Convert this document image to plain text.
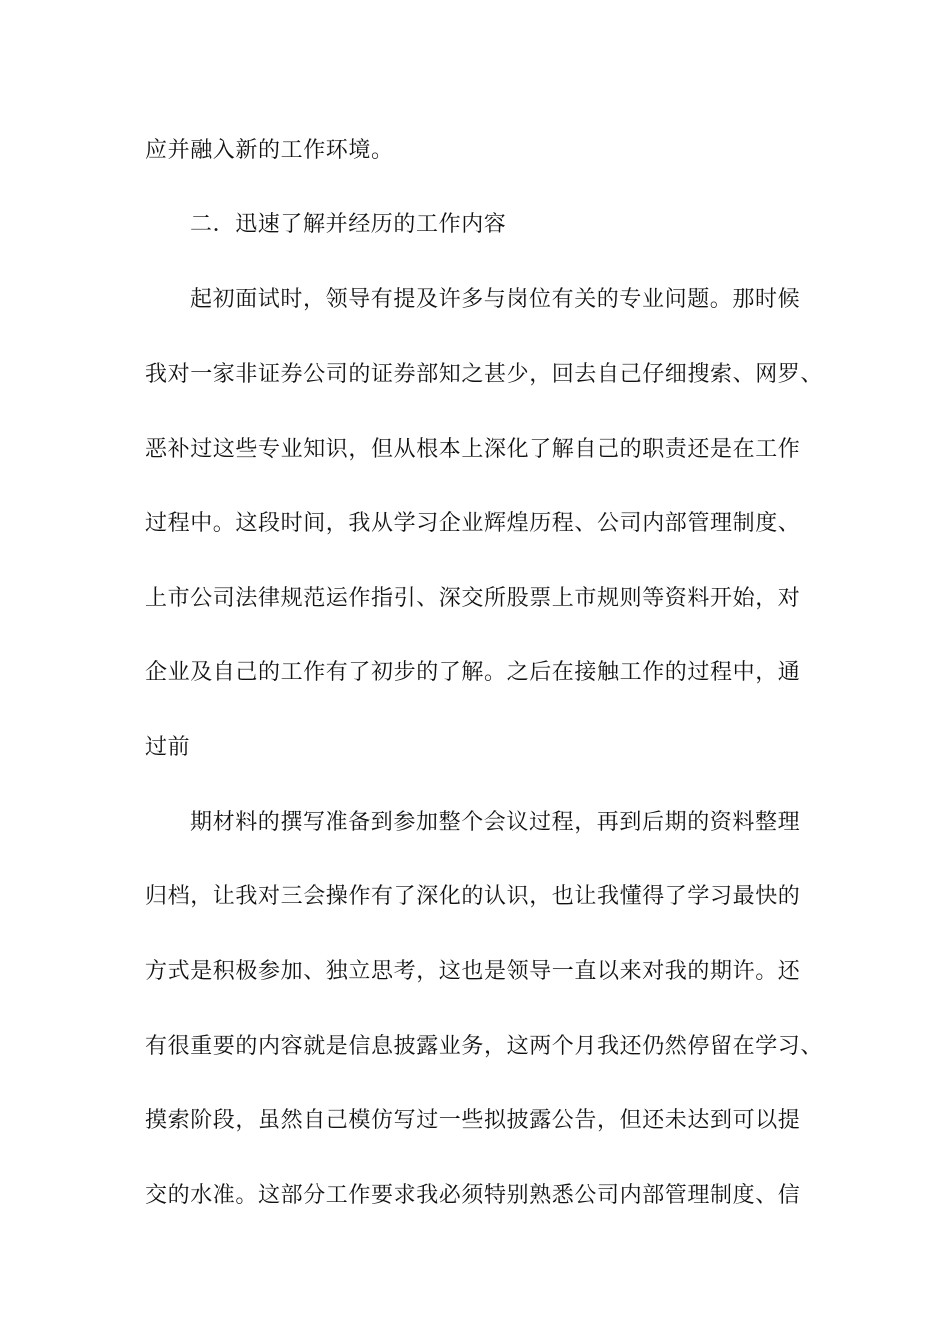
应并融入新的工作环境。
二．迅速了解并经历的工作内容
起初面试时，领导有提及许多与岗位有关的专业问题。那时候
我对一家非证券公司的证券部知之甚少，回去自己仔细搜索、网罗、
恶补过这些专业知识，但从根本上深化了解自己的职责还是在工作
过程中。这段时间，我从学习企业辉煌历程、公司内部管理制度、
上市公司法律规范运作指引、深交所股票上市规则等资料开始，对
企业及自己的工作有了初步的了解。之后在接触工作的过程中，通
过前
期材料的撰写准备到参加整个会议过程，再到后期的资料整理
归档，让我对三会操作有了深化的认识，也让我懂得了学习最快的
方式是积极参加、独立思考，这也是领导一直以来对我的期许。还
有很重要的内容就是信息披露业务，这两个月我还仍然停留在学习、
摸索阶段，虽然自己模仿写过一些拟披露公告，但还未达到可以提
交的水准。这部分工作要求我必须特别熟悉公司内部管理制度、信
